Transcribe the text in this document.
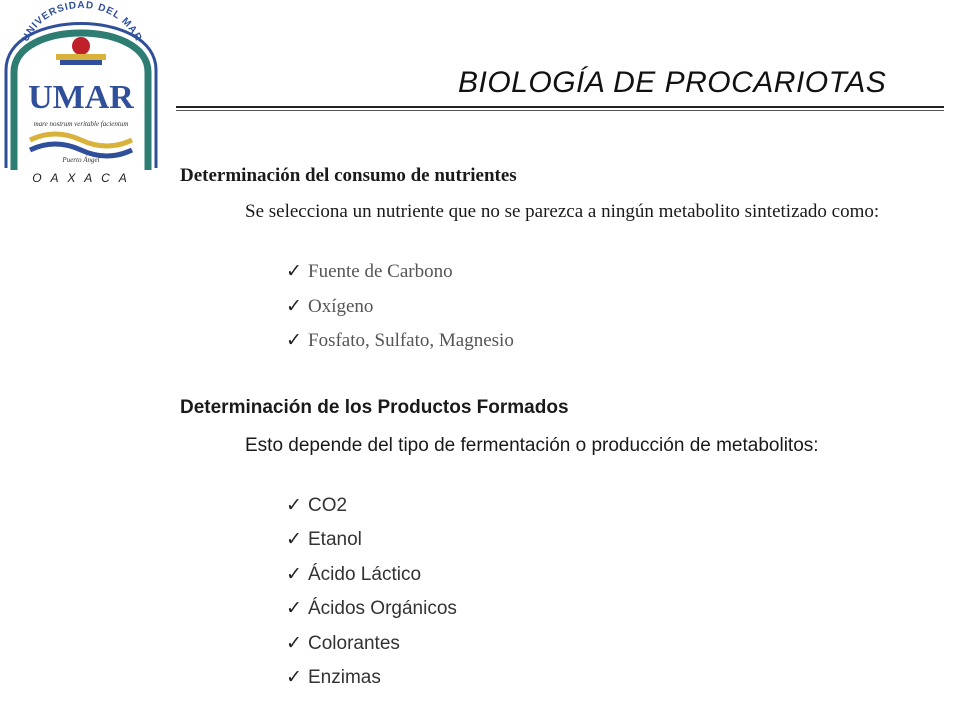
UNIVERSIDAD DEL MAR
UMAR
mare nostrum veritable facientum
Puerto Ángel
O A X A C A
BIOLOGÍA DE PROCARIOTAS
Determinación del consumo de nutrientes
Se selecciona un nutriente que no se parezca a ningún metabolito sintetizado como:
✓ Fuente de Carbono
✓ Oxígeno
✓ Fosfato, Sulfato, Magnesio
Determinación de los Productos Formados
Esto depende del tipo de fermentación o producción de metabolitos:
✓ CO2
✓ Etanol
✓ Ácido Láctico
✓ Ácidos Orgánicos
✓ Colorantes
✓ Enzimas
